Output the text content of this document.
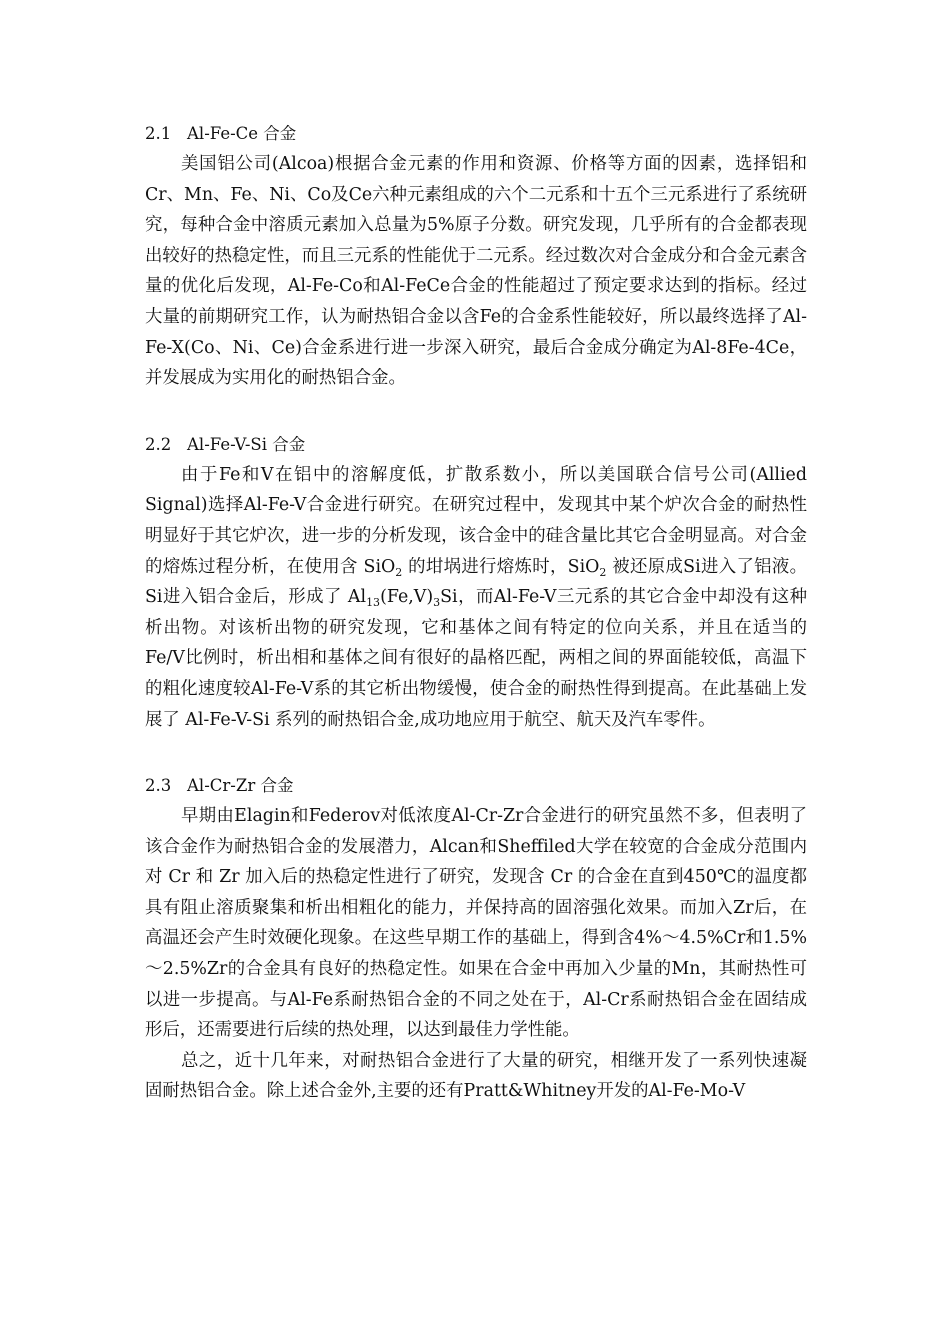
2.1 Al-Fe-Ce 合金

美国铝公司(Alcoa)根据合金元素的作用和资源、价格等方面的因素，选择铝和Cr、Mn、Fe、Ni、Co及Ce六种元素组成的六个二元系和十五个三元系进行了系统研究，每种合金中溶质元素加入总量为5%原子分数。研究发现，几乎所有的合金都表现出较好的热稳定性，而且三元系的性能优于二元系。经过数次对合金成分和合金元素含量的优化后发现，Al-Fe-Co和Al-FeCe合金的性能超过了预定要求达到的指标。经过大量的前期研究工作，认为耐热铝合金以含Fe的合金系性能较好，所以最终选择了Al-Fe-X(Co、Ni、Ce)合金系进行进一步深入研究，最后合金成分确定为Al-8Fe-4Ce，并发展成为实用化的耐热铝合金。

2.2 Al-Fe-V-Si 合金

由于Fe和V在铝中的溶解度低，扩散系数小，所以美国联合信号公司(Allied Signal)选择Al-Fe-V合金进行研究。在研究过程中，发现其中某个炉次合金的耐热性明显好于其它炉次，进一步的分析发现，该合金中的硅含量比其它合金明显高。对合金的熔炼过程分析，在使用含 SiO$_2$ 的坩埚进行熔炼时，SiO$_2$ 被还原成Si进入了铝液。Si进入铝合金后，形成了 $Al_{13}(Fe,V)_3Si$，而Al-Fe-V三元系的其它合金中却没有这种析出物。对该析出物的研究发现，它和基体之间有特定的位向关系，并且在适当的Fe/V比例时，析出相和基体之间有很好的晶格匹配，两相之间的界面能较低，高温下的粗化速度较Al-Fe-V系的其它析出物缓慢，使合金的耐热性得到提高。在此基础上发展了 Al-Fe-V-Si 系列的耐热铝合金,成功地应用于航空、航天及汽车零件。

2.3 Al-Cr-Zr 合金

早期由Elagin和Federov对低浓度Al-Cr-Zr合金进行的研究虽然不多，但表明了该合金作为耐热铝合金的发展潜力，Alcan和Sheffiled大学在较宽的合金成分范围内对 Cr 和 Zr 加入后的热稳定性进行了研究，发现含 Cr 的合金在直到450℃的温度都具有阻止溶质聚集和析出相粗化的能力，并保持高的固溶强化效果。而加入Zr后，在高温还会产生时效硬化现象。在这些早期工作的基础上，得到含4%～4.5%Cr和1.5%～2.5%Zr的合金具有良好的热稳定性。如果在合金中再加入少量的Mn，其耐热性可以进一步提高。与Al-Fe系耐热铝合金的不同之处在于，Al-Cr系耐热铝合金在固结成形后，还需要进行后续的热处理，以达到最佳力学性能。

总之，近十几年来，对耐热铝合金进行了大量的研究，相继开发了一系列快速凝固耐热铝合金。除上述合金外,主要的还有Pratt&Whitney开发的Al-Fe-Mo-V
